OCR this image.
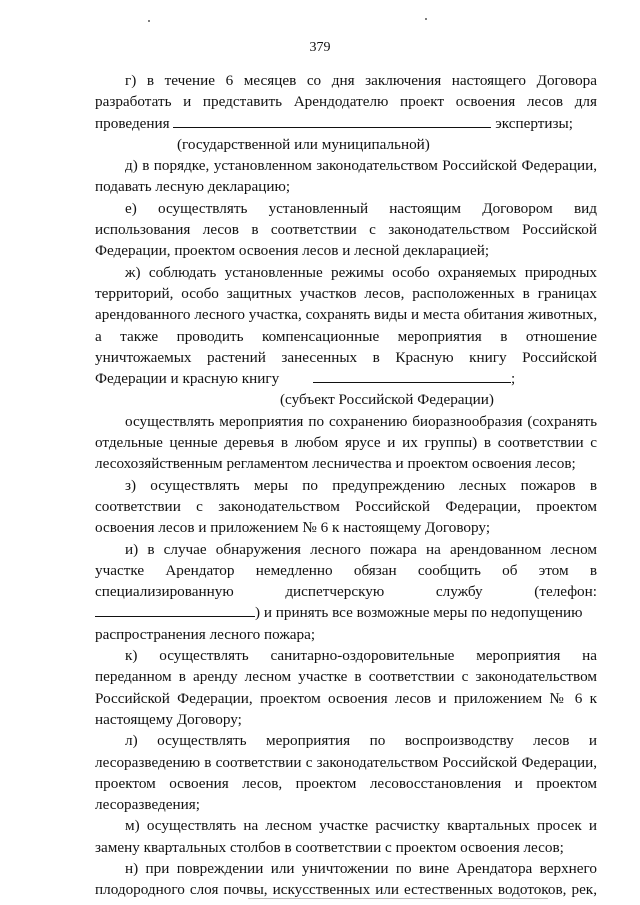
379
г) в течение 6 месяцев со дня заключения настоящего Договора
разработать и представить Арендодателю проект освоения лесов для
проведения	экспертизы;
(государственной или муниципальной)
д) в порядке, установленном законодательством Российской Федерации,
подавать лесную декларацию;
е) осуществлять установленный настоящим Договором вид
использования лесов в соответствии с законодательством Российской
Федерации, проектом освоения лесов и лесной декларацией;
ж) соблюдать установленные режимы особо охраняемых природных
территорий, особо защитных участков лесов, расположенных в границах
арендованного лесного участка, сохранять виды и места обитания животных,
а также проводить компенсационные мероприятия в отношение
уничтожаемых растений занесенных в Красную книгу Российской
Федерации и красную книгу	;
(субъект Российской Федерации)
осуществлять мероприятия по сохранению биоразнообразия (сохранять
отдельные ценные деревья в любом ярусе и их группы) в соответствии с
лесохозяйственным регламентом лесничества и проектом освоения лесов;
з) осуществлять меры по предупреждению лесных пожаров в
соответствии с законодательством Российской Федерации, проектом
освоения лесов и приложением № 6 к настоящему Договору;
и) в случае обнаружения лесного пожара на арендованном лесном
участке Арендатор немедленно обязан сообщить об этом в
специализированную диспетчерскую службу (телефон:
) и принять все возможные меры по недопущению
распространения лесного пожара;
к) осуществлять санитарно-оздоровительные мероприятия на
переданном в аренду лесном участке в соответствии с законодательством
Российской Федерации, проектом освоения лесов и приложением № 6 к
настоящему Договору;
л) осуществлять мероприятия по воспроизводству лесов и
лесоразведению в соответствии с законодательством Российской Федерации,
проектом освоения лесов, проектом лесовосстановления и проектом
лесоразведения;
м) осуществлять на лесном участке расчистку квартальных просек и
замену квартальных столбов в соответствии с проектом освоения лесов;
н) при повреждении или уничтожении по вине Арендатора верхнего
плодородного слоя почвы, искусственных или естественных водотоков, рек,
